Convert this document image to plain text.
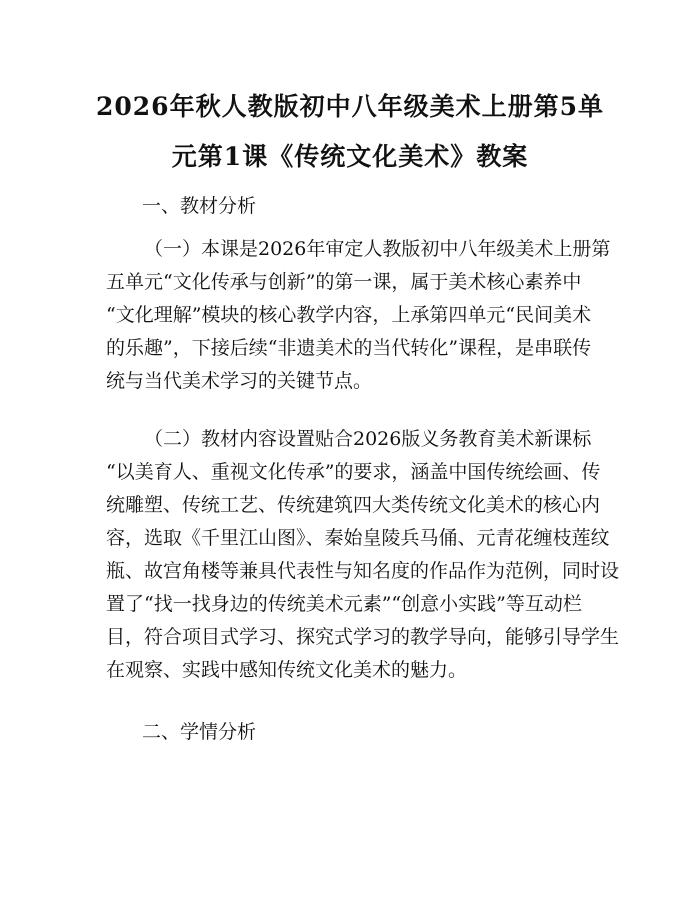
2026年秋人教版初中八年级美术上册第5单元第1课《传统文化美术》教案
一、教材分析
（一）本课是2026年审定人教版初中八年级美术上册第
五单元“文化传承与创新”的第一课，属于美术核心素养中
“文化理解”模块的核心教学内容，上承第四单元“民间美术
的乐趣”，下接后续“非遗美术的当代转化”课程，是串联传
统与当代美术学习的关键节点。
（二）教材内容设置贴合2026版义务教育美术新课标
“以美育人、重视文化传承”的要求，涵盖中国传统绘画、传
统雕塑、传统工艺、传统建筑四大类传统文化美术的核心内
容，选取《千里江山图》、秦始皇陵兵马俑、元青花缠枝莲纹
瓶、故宫角楼等兼具代表性与知名度的作品作为范例，同时设
置了“找一找身边的传统美术元素”“创意小实践”等互动栏
目，符合项目式学习、探究式学习的教学导向，能够引导学生
在观察、实践中感知传统文化美术的魅力。
二、学情分析
